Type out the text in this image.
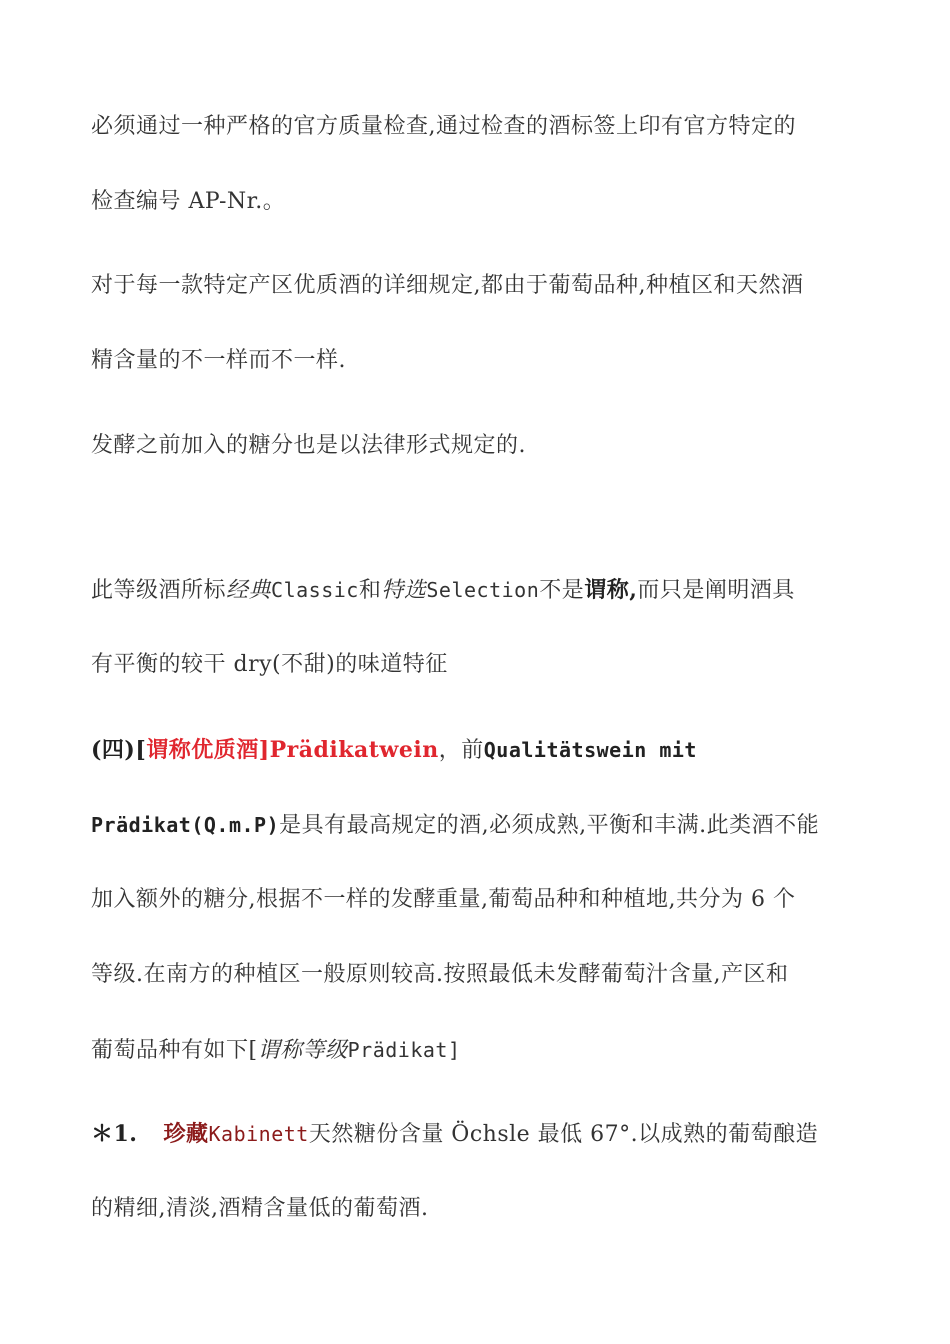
必须通过一种严格的官方质量检查,通过检查的酒标签上印有官方特定的
检查编号 AP-Nr.。
对于每一款特定产区优质酒的详细规定,都由于葡萄品种,种植区和天然酒
精含量的不一样而不一样.
发酵之前加入的糖分也是以法律形式规定的.
此等级酒所标经典Classic和特选Selection不是谓称,而只是阐明酒具
有平衡的较干 dry(不甜)的味道特征
(四)[谓称优质酒]Prädikatwein，前Qualitätswein mit
Prädikat(Q.m.P)是具有最高规定的酒,必须成熟,平衡和丰满.此类酒不能
加入额外的糖分,根据不一样的发酵重量,葡萄品种和种植地,共分为 6 个
等级.在南方的种植区一般原则较高.按照最低未发酵葡萄汁含量,产区和
葡萄品种有如下[谓称等级Prädikat]
＊1. 珍藏Kabinett天然糖份含量 Öchsle 最低 67°.以成熟的葡萄酿造
的精细,清淡,酒精含量低的葡萄酒.
